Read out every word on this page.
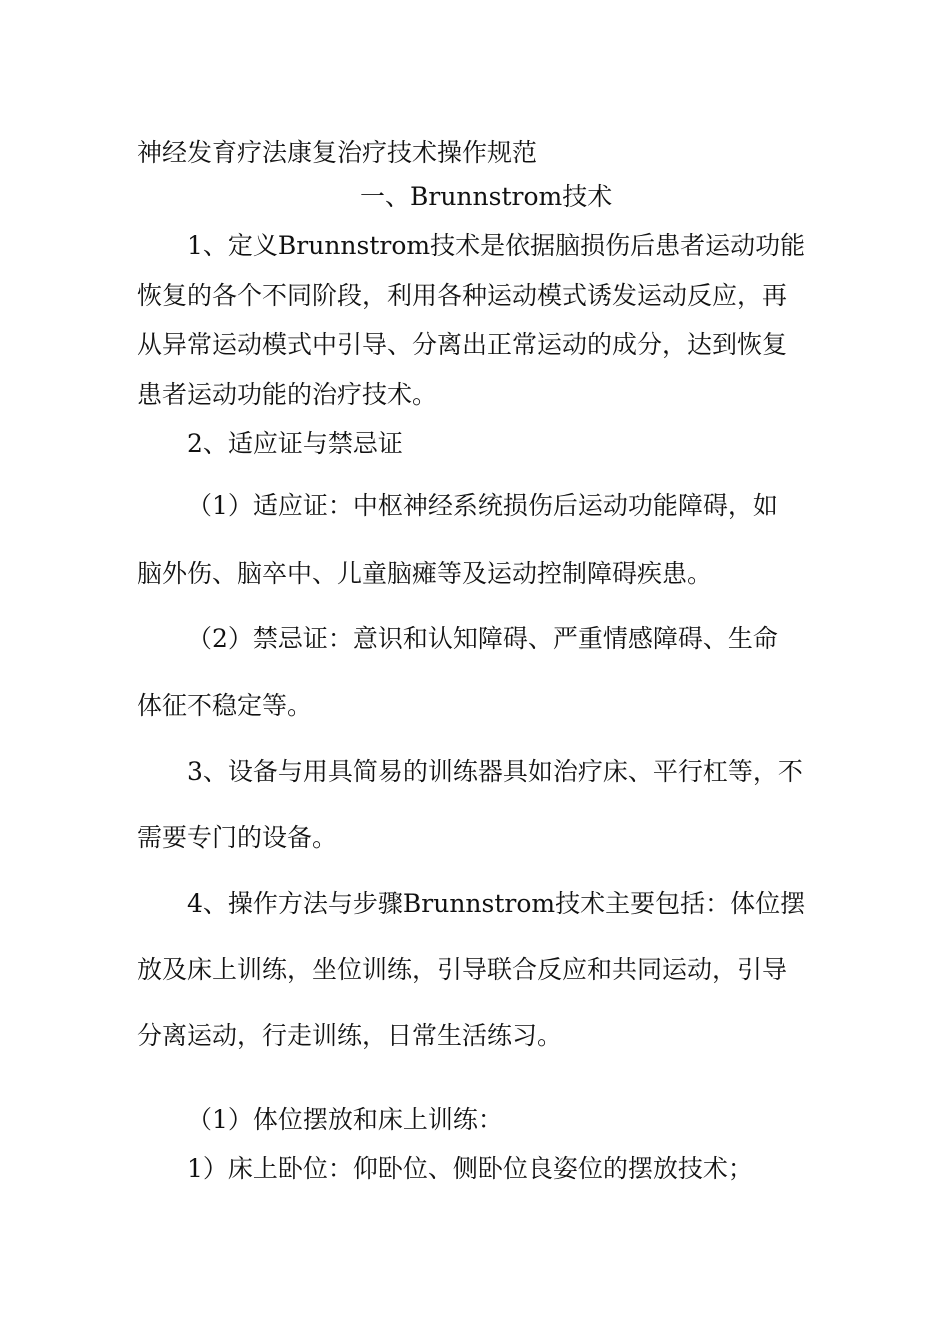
神经发育疗法康复治疗技术操作规范
一、Brunnstrom技术

1、定义Brunnstrom技术是依据脑损伤后患者运动功能

恢复的各个不同阶段，利用各种运动模式诱发运动反应，再

从异常运动模式中引导、分离出正常运动的成分，达到恢复

患者运动功能的治疗技术。

2、适应证与禁忌证

（1）适应证：中枢神经系统损伤后运动功能障碍，如

脑外伤、脑卒中、儿童脑瘫等及运动控制障碍疾患。

（2）禁忌证：意识和认知障碍、严重情感障碍、生命

体征不稳定等。

3、设备与用具简易的训练器具如治疗床、平行杠等，不

需要专门的设备。

4、操作方法与步骤Brunnstrom技术主要包括：体位摆

放及床上训练，坐位训练，引导联合反应和共同运动，引导

分离运动，行走训练，日常生活练习。

（1）体位摆放和床上训练：

1）床上卧位：仰卧位、侧卧位良姿位的摆放技术；
